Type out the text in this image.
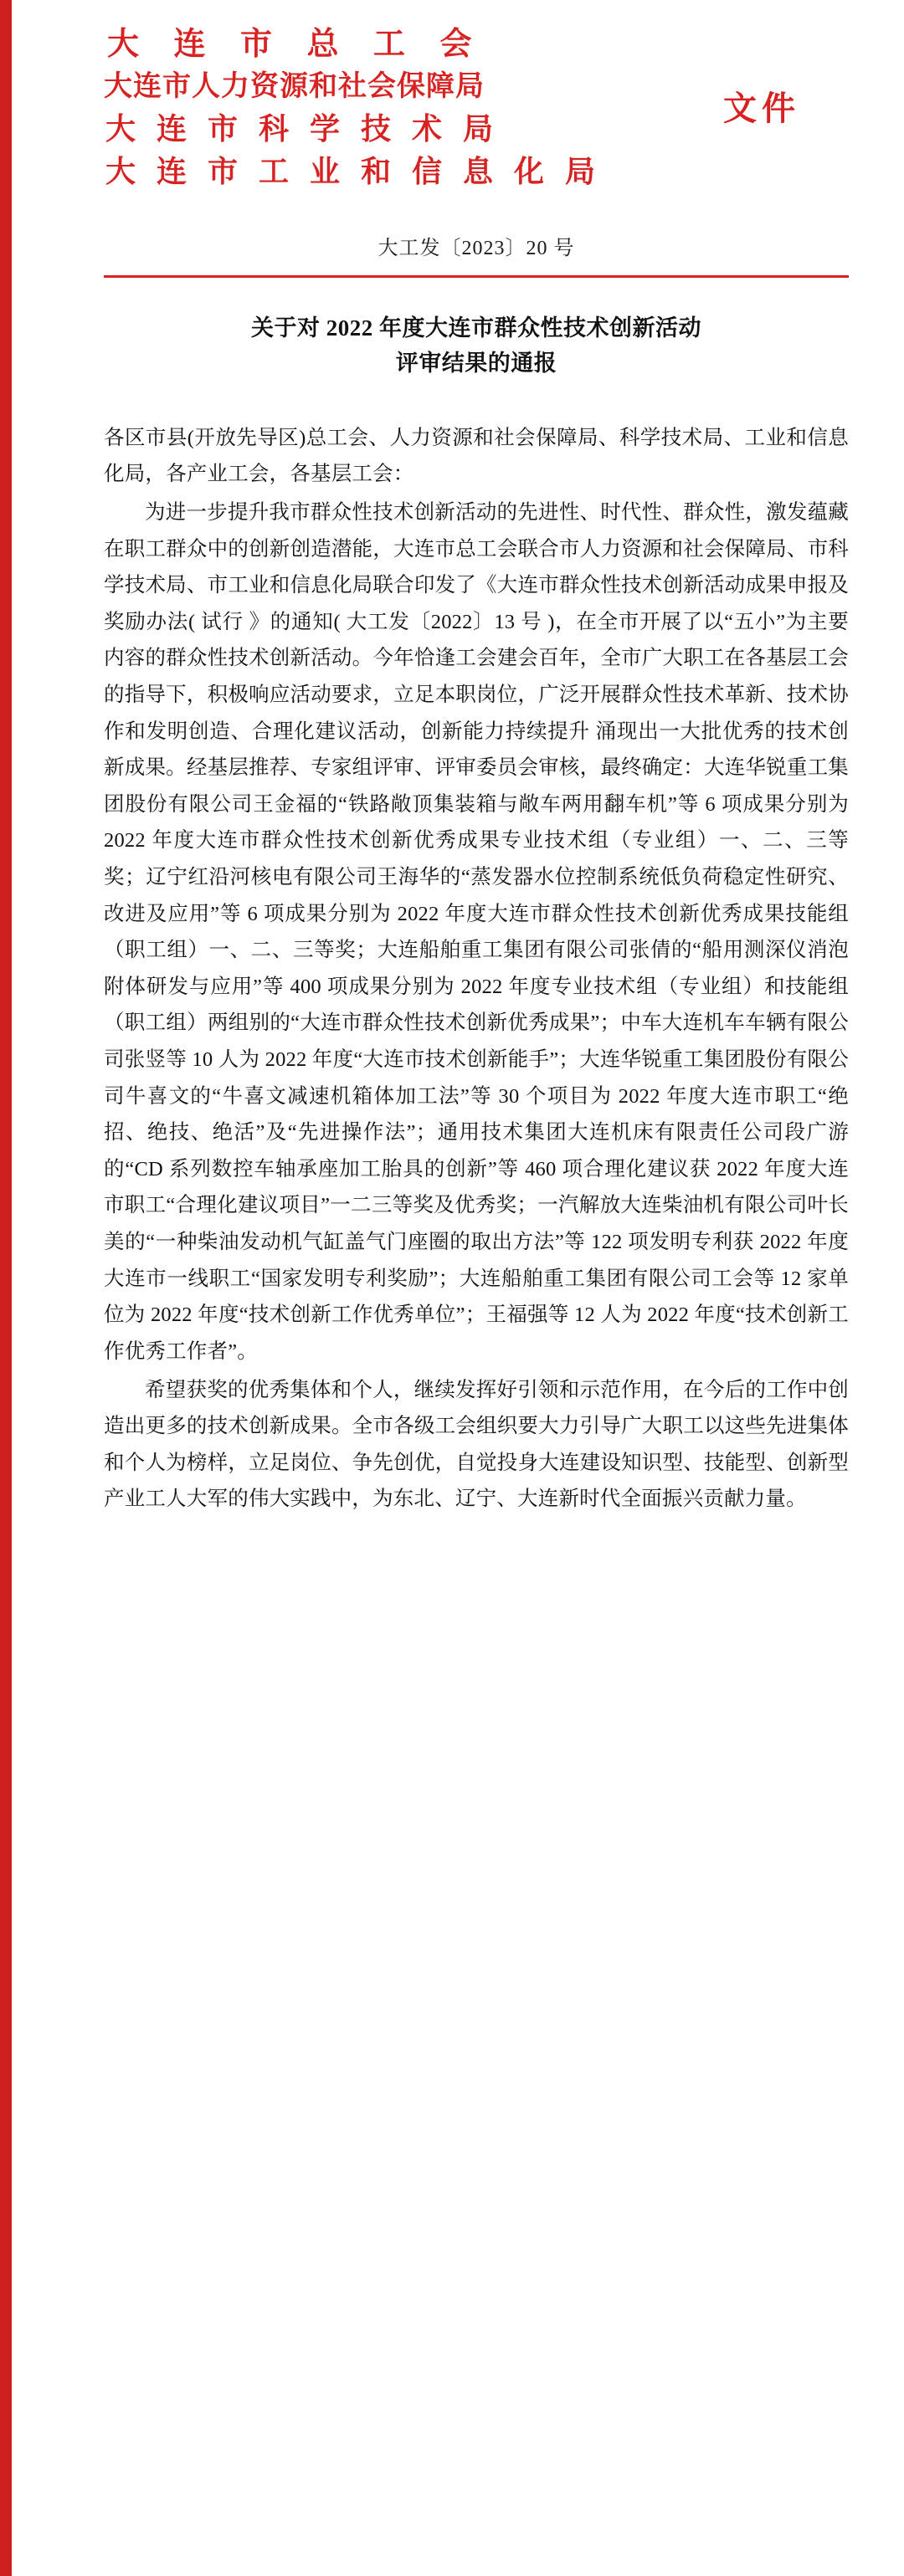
大 连 市 总 工 会
大连市人力资源和社会保障局
大 连 市 科 学 技 术 局
大 连 市 工 业 和 信 息 化 局
文件
大工发〔2023〕20 号
关于对 2022 年度大连市群众性技术创新活动
评审结果的通报

各区市县(开放先导区)总工会、人力资源和社会保障局、科学技术局、工业和信息化局，各产业工会，各基层工会：

为进一步提升我市群众性技术创新活动的先进性、时代性、群众性，激发蕴藏在职工群众中的创新创造潜能，大连市总工会联合市人力资源和社会保障局、市科学技术局、市工业和信息化局联合印发了《大连市群众性技术创新活动成果申报及奖励办法( 试行 》的通知( 大工发〔2022〕13 号 )，在全市开展了以“五小”为主要内容的群众性技术创新活动。今年恰逢工会建会百年，全市广大职工在各基层工会的指导下，积极响应活动要求，立足本职岗位，广泛开展群众性技术革新、技术协作和发明创造、合理化建议活动，创新能力持续提升 涌现出一大批优秀的技术创新成果。经基层推荐、专家组评审、评审委员会审核，最终确定：大连华锐重工集团股份有限公司王金福的“铁路敞顶集装箱与敞车两用翻车机”等 6 项成果分别为 2022 年度大连市群众性技术创新优秀成果专业技术组（专业组）一、二、三等奖；辽宁红沿河核电有限公司王海华的“蒸发器水位控制系统低负荷稳定性研究、改进及应用”等 6 项成果分别为 2022 年度大连市群众性技术创新优秀成果技能组（职工组）一、二、三等奖；大连船舶重工集团有限公司张倩的“船用测深仪消泡附体研发与应用”等 400 项成果分别为 2022 年度专业技术组（专业组）和技能组（职工组）两组别的“大连市群众性技术创新优秀成果”；中车大连机车车辆有限公司张竖等 10 人为 2022 年度“大连市技术创新能手”；大连华锐重工集团股份有限公司牛喜文的“牛喜文减速机箱体加工法”等 30 个项目为 2022 年度大连市职工“绝招、绝技、绝活”及“先进操作法”；通用技术集团大连机床有限责任公司段广游的“CD 系列数控车轴承座加工胎具的创新”等 460 项合理化建议获 2022 年度大连市职工“合理化建议项目”一二三等奖及优秀奖；一汽解放大连柴油机有限公司叶长美的“一种柴油发动机气缸盖气门座圈的取出方法”等 122 项发明专利获 2022 年度大连市一线职工“国家发明专利奖励”；大连船舶重工集团有限公司工会等 12 家单位为 2022 年度“技术创新工作优秀单位”；王福强等 12 人为 2022 年度“技术创新工作优秀工作者”。

希望获奖的优秀集体和个人，继续发挥好引领和示范作用，在今后的工作中创造出更多的技术创新成果。全市各级工会组织要大力引导广大职工以这些先进集体和个人为榜样，立足岗位、争先创优，自觉投身大连建设知识型、技能型、创新型产业工人大军的伟大实践中，为东北、辽宁、大连新时代全面振兴贡献力量。
